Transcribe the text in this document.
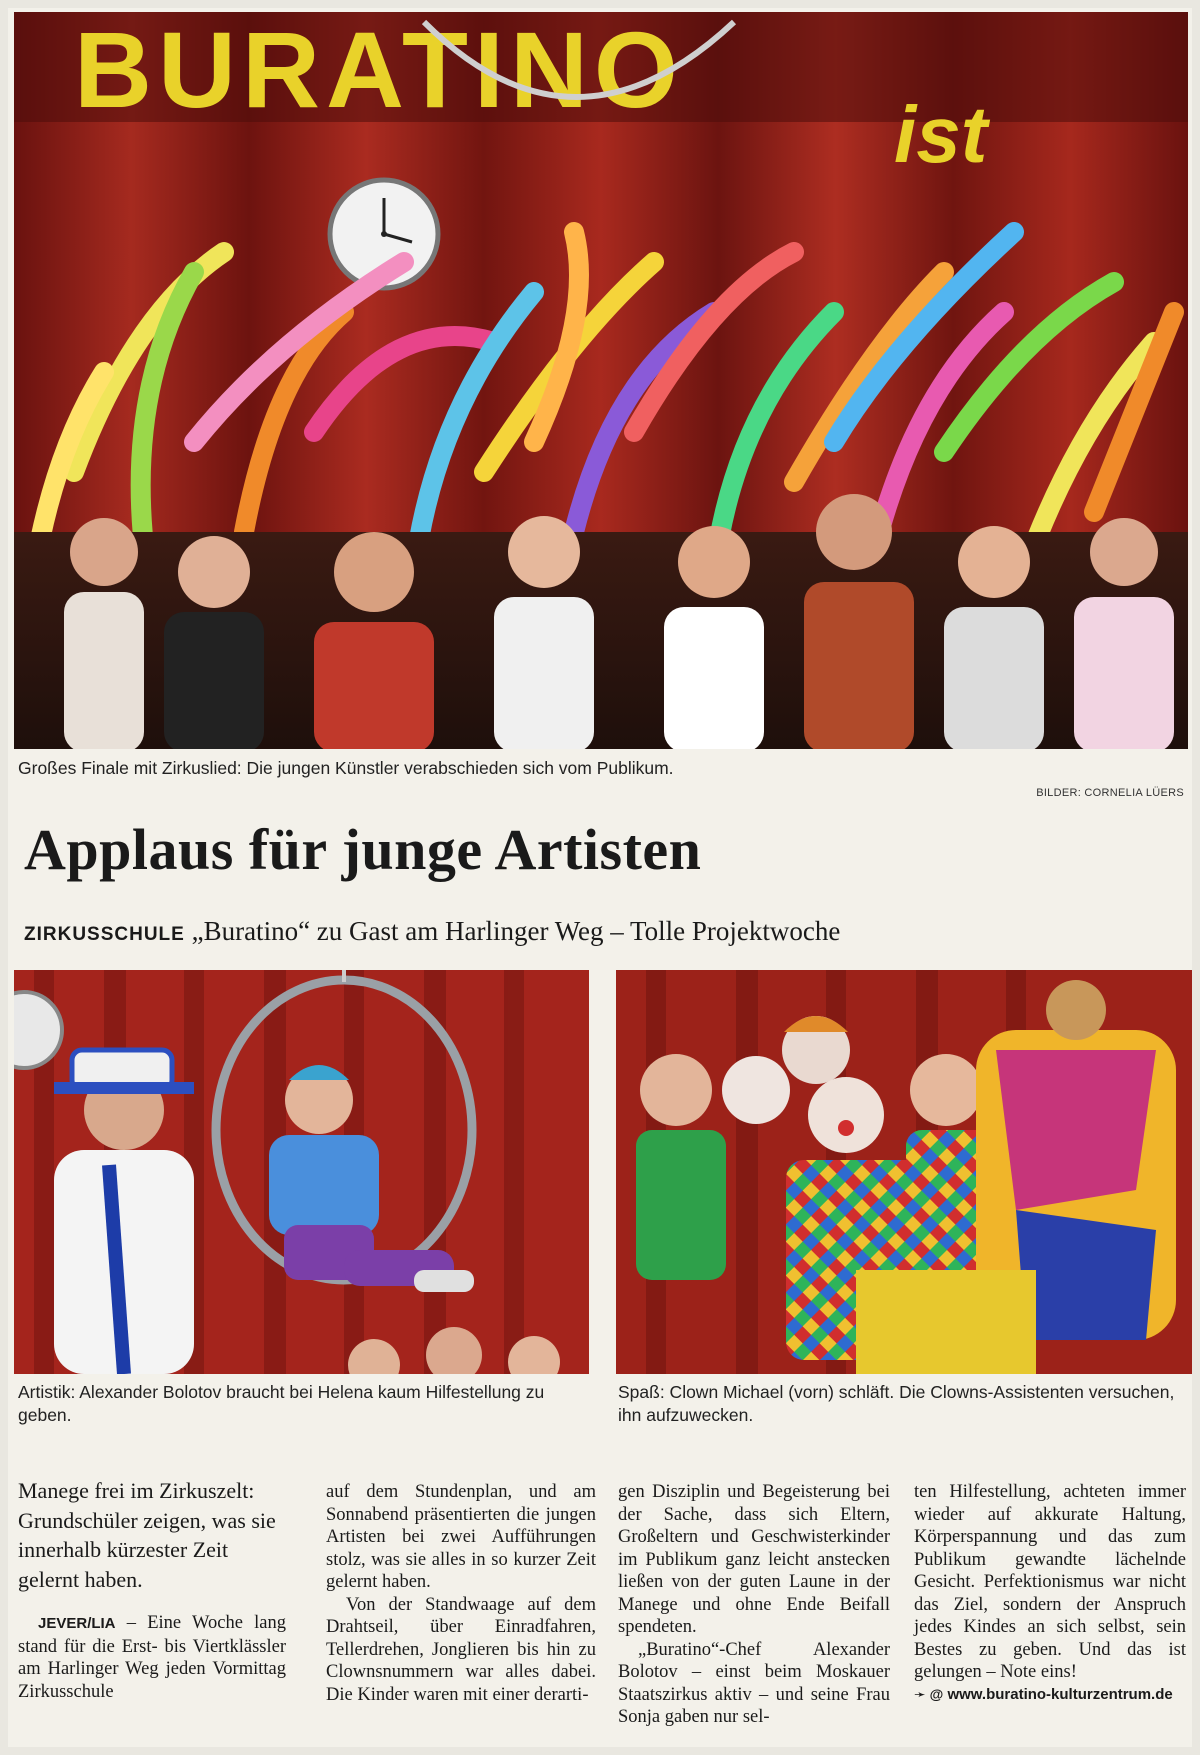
BURATINO
ist
Großes Finale mit Zirkuslied: Die jungen Künstler verabschieden sich vom Publikum.
BILDER: CORNELIA LÜERS
Applaus für junge Artisten
ZIRKUSSCHULE „Buratino“ zu Gast am Harlinger Weg – Tolle Projektwoche
Artistik: Alexander Bolotov braucht bei Helena kaum Hilfestellung zu geben.
Spaß: Clown Michael (vorn) schläft. Die Clowns-Assistenten versuchen, ihn aufzuwecken.

Manege frei im Zirkuszelt: Grundschüler zeigen, was sie innerhalb kürzester Zeit gelernt haben.

JEVER/LIA – Eine Woche lang stand für die Erst- bis Viertklässler am Harlinger Weg jeden Vormittag Zirkusschule

auf dem Stundenplan, und am Sonnabend präsentierten die jungen Artisten bei zwei Aufführungen stolz, was sie alles in so kurzer Zeit gelernt haben.

Von der Standwaage auf dem Drahtseil, über Einradfahren, Tellerdrehen, Jonglieren bis hin zu Clownsnummern war alles dabei. Die Kinder waren mit einer derarti-

gen Disziplin und Begeisterung bei der Sache, dass sich Eltern, Großeltern und Geschwisterkinder im Publikum ganz leicht anstecken ließen von der guten Laune in der Manege und ohne Ende Beifall spendeten.

„Buratino“-Chef Alexander Bolotov – einst beim Moskauer Staatszirkus aktiv – und seine Frau Sonja gaben nur sel-

ten Hilfestellung, achteten immer wieder auf akkurate Haltung, Körperspannung und das zum Publikum gewandte lächelnde Gesicht. Perfektionismus war nicht das Ziel, sondern der Anspruch jedes Kindes an sich selbst, sein Bestes zu geben. Und das ist gelungen – Note eins!

➛ @ www.buratino-kulturzentrum.de
